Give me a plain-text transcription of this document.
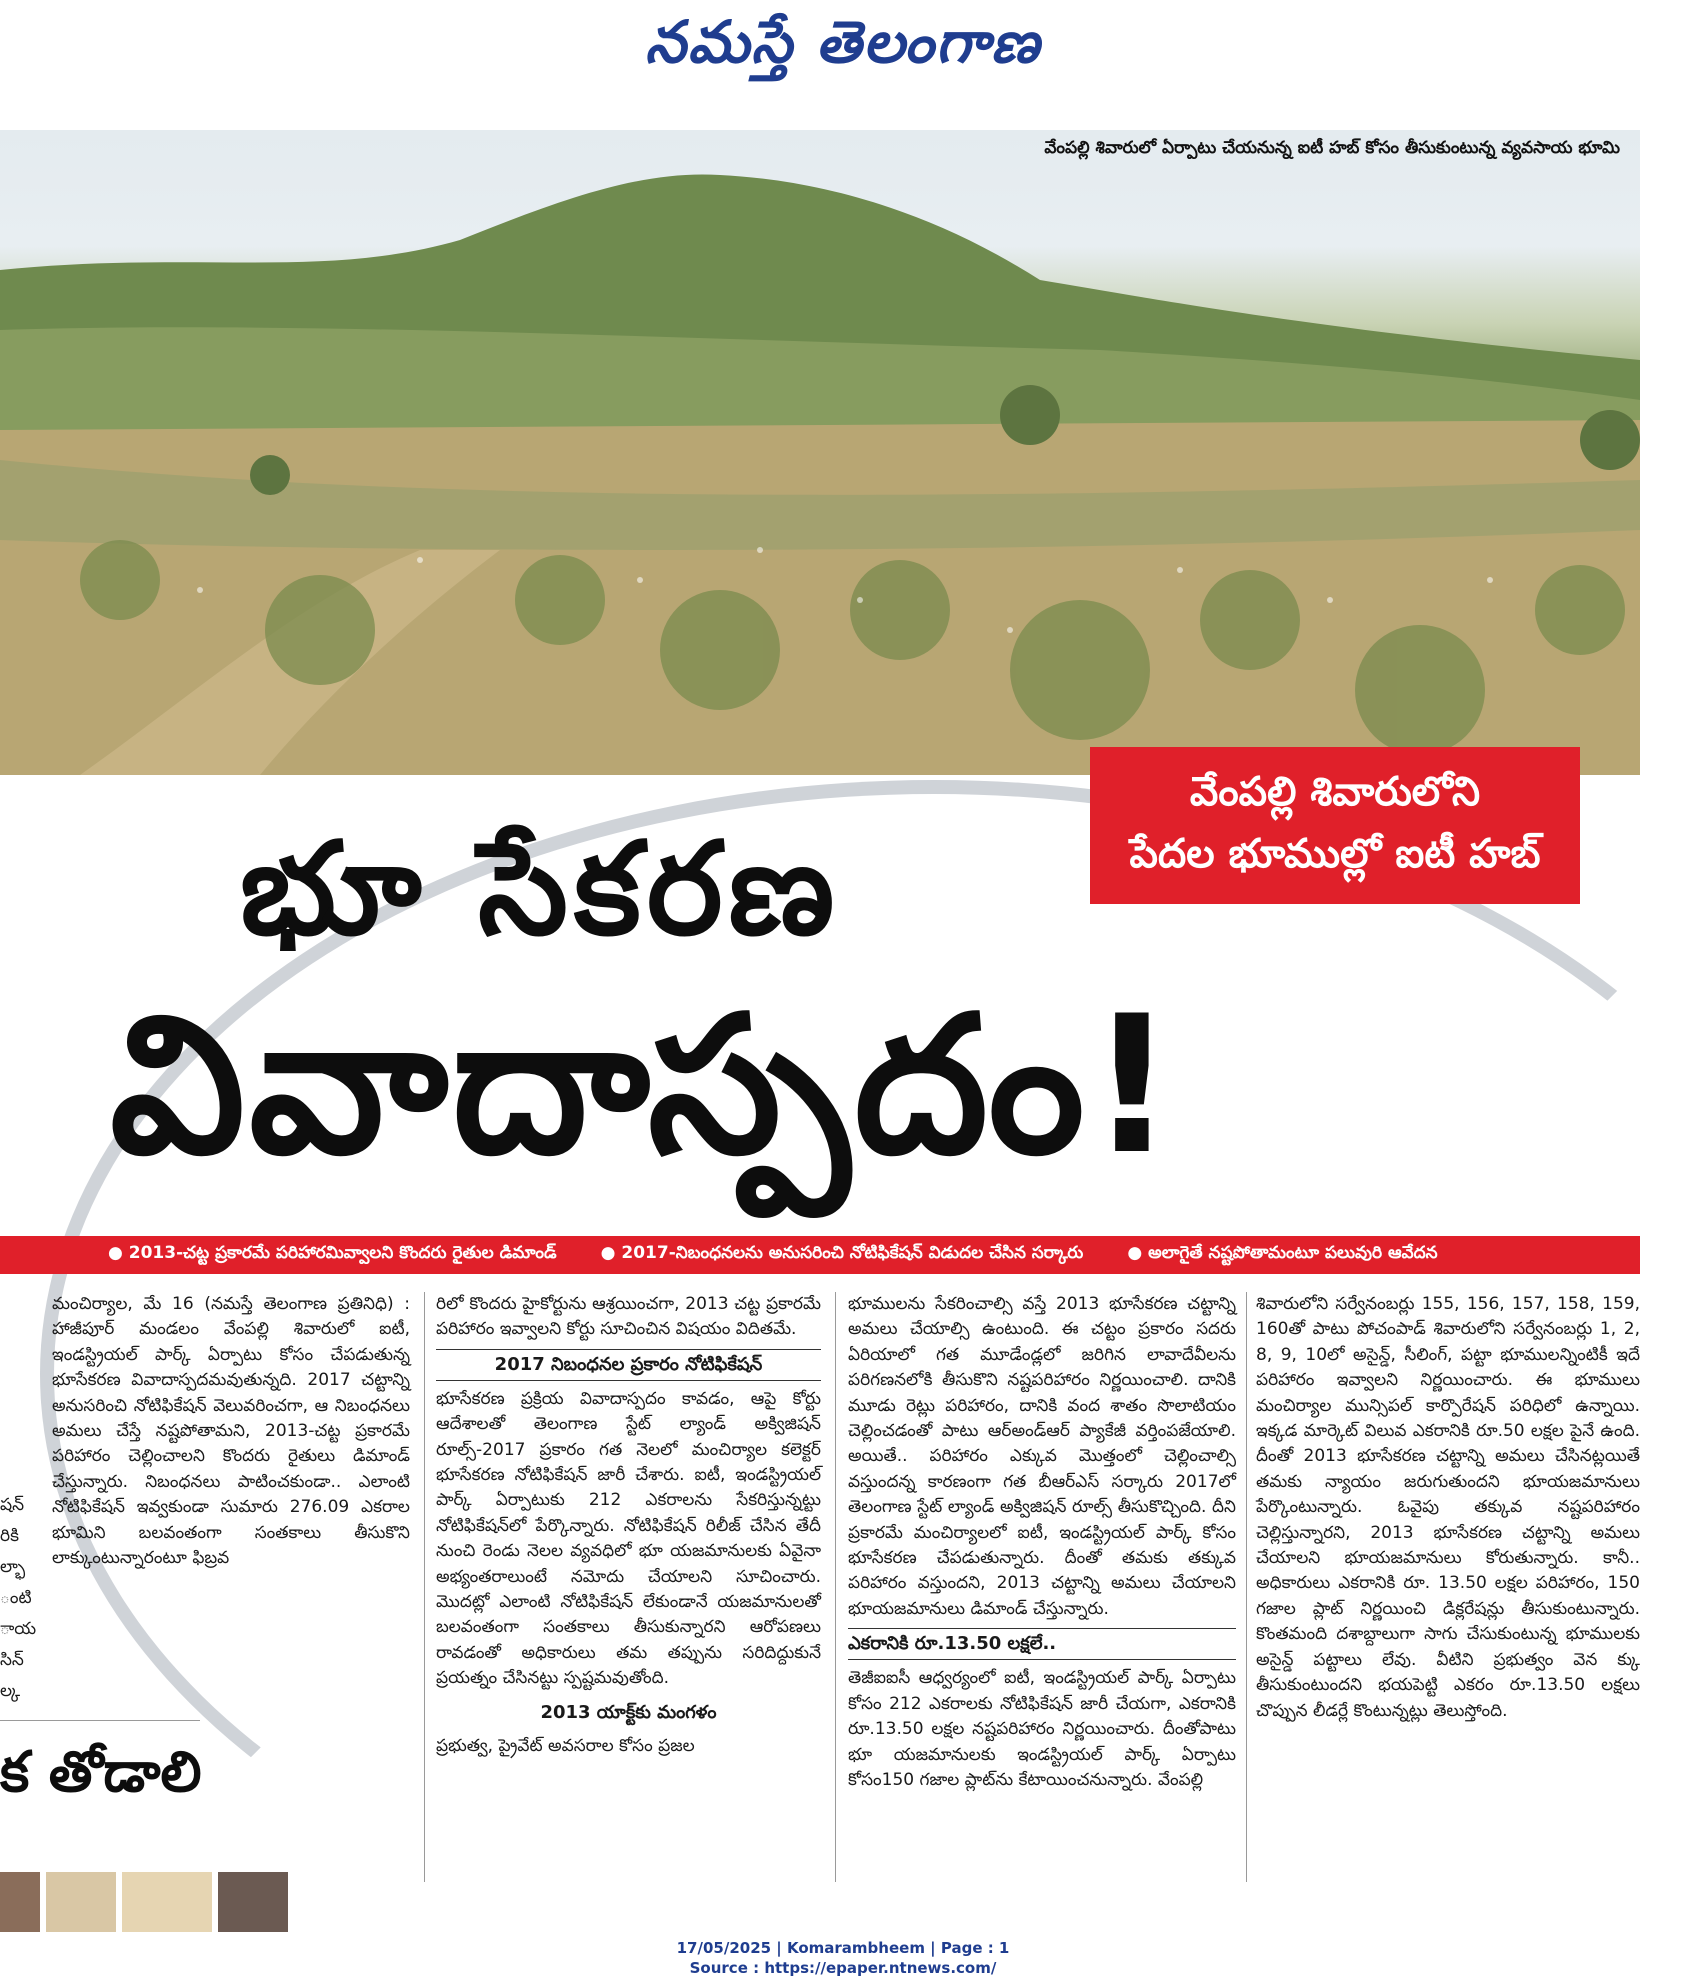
నమస్తే తెలంగాణ
వేంపల్లి శివారులో ఏర్పాటు చేయనున్న ఐటీ హబ్ కోసం తీసుకుంటున్న వ్యవసాయ భూమి
వేంపల్లి శివారులోని
పేదల భూముల్లో ఐటీ హబ్
భూ సేకరణ
వివాదాస్పదం!
● 2013-చట్ట ప్రకారమే పరిహారమివ్వాలని కొందరు రైతుల డిమాండ్	● 2017-నిబంధనలను అనుసరించి నోటిఫికేషన్ విడుదల చేసిన సర్కారు	● అలాగైతే నష్టపోతామంటూ పలువురి ఆవేదన
షన్
రికి
ల్భా
ంటి
ాయ
సిన్
ల్క

మంచిర్యాల, మే 16 (నమస్తే తెలంగాణ ప్రతినిధి) : హాజీపూర్ మండలం వేంపల్లి శివారులో ఐటీ, ఇండస్ట్రియల్ పార్క్ ఏర్పాటు కోసం చేపడుతున్న భూసేకరణ వివాదాస్పదమవుతున్నది. 2017 చట్టాన్ని అనుసరించి నోటిఫికేషన్ వెలువరించగా, ఆ నిబంధనలు అమలు చేస్తే నష్టపోతామని, 2013-చట్ట ప్రకారమే పరిహారం చెల్లించాలని కొందరు రైతులు డిమాండ్ చేస్తున్నారు. నిబంధనలు పాటించకుండా.. ఎలాంటి నోటిఫికేషన్ ఇవ్వకుండా సుమారు 276.09 ఎకరాల భూమిని బలవంతంగా సంతకాలు తీసుకొని లాక్కుంటున్నారంటూ ఫిబ్రవ

రిలో కొందరు హైకోర్టును ఆశ్రయించగా, 2013 చట్ట ప్రకారమే పరిహారం ఇవ్వాలని కోర్టు సూచించిన విషయం విదితమే.

2017 నిబంధనల ప్రకారం నోటిఫికేషన్

భూసేకరణ ప్రక్రియ వివాదాస్పదం కావడం, ఆపై కోర్టు ఆదేశాలతో తెలంగాణ స్టేట్ ల్యాండ్ అక్విజిషన్ రూల్స్-2017 ప్రకారం గత నెలలో మంచిర్యాల కలెక్టర్ భూసేకరణ నోటిఫికేషన్ జారీ చేశారు. ఐటీ, ఇండస్ట్రియల్ పార్క్ ఏర్పాటుకు 212 ఎకరాలను సేకరిస్తున్నట్టు నోటిఫికేషన్‌లో పేర్కొన్నారు. నోటిఫికేషన్ రిలీజ్ చేసిన తేదీ నుంచి రెండు నెలల వ్యవధిలో భూ యజమానులకు ఏవైనా అభ్యంతరాలుంటే నమోదు చేయాలని సూచించారు. మొదట్లో ఎలాంటి నోటిఫికేషన్ లేకుండానే యజమానులతో బలవంతంగా సంతకాలు తీసుకున్నారని ఆరోపణలు రావడంతో అధికారులు తమ తప్పును సరిదిద్దుకునే ప్రయత్నం చేసినట్టు స్పష్టమవుతోంది.

2013 యాక్ట్‌కు మంగళం

ప్రభుత్వ, ప్రైవేట్ అవసరాల కోసం ప్రజల

భూములను సేకరించాల్సి వస్తే 2013 భూసేకరణ చట్టాన్ని అమలు చేయాల్సి ఉంటుంది. ఈ చట్టం ప్రకారం సదరు ఏరియాలో గత మూడేండ్లలో జరిగిన లావాదేవీలను పరిగణనలోకి తీసుకొని నష్టపరిహారం నిర్ణయించాలి. దానికి మూడు రెట్లు పరిహారం, దానికి వంద శాతం సొలాటియం చెల్లించడంతో పాటు ఆర్అండ్ఆర్ ప్యాకేజీ వర్తింపజేయాలి. అయితే.. పరిహారం ఎక్కువ మొత్తంలో చెల్లించాల్సి వస్తుందన్న కారణంగా గత బీఆర్ఎస్ సర్కారు 2017లో తెలంగాణ స్టేట్ ల్యాండ్ అక్విజిషన్ రూల్స్ తీసుకొచ్చింది. దీని ప్రకారమే మంచిర్యాలలో ఐటీ, ఇండస్ట్రియల్ పార్క్ కోసం భూసేకరణ చేపడుతున్నారు. దీంతో తమకు తక్కువ పరిహారం వస్తుందని, 2013 చట్టాన్ని అమలు చేయాలని భూయజమానులు డిమాండ్ చేస్తున్నారు.

ఎకరానికి రూ.13.50 లక్షలే..

తెజీఐఐసీ ఆధ్వర్యంలో ఐటీ, ఇండస్ట్రియల్ పార్క్ ఏర్పాటు కోసం 212 ఎకరాలకు నోటిఫికేషన్ జారీ చేయగా, ఎకరానికి రూ.13.50 లక్షల నష్టపరిహారం నిర్ణయించారు. దీంతోపాటు భూ యజమానులకు ఇండస్ట్రియల్ పార్క్ ఏర్పాటు కోసం150 గజాల ప్లాట్‌ను కేటాయించనున్నారు. వేంపల్లి

శివారులోని సర్వేనంబర్లు 155, 156, 157, 158, 159, 160తో పాటు పోచంపాడ్ శివారులోని సర్వేనంబర్లు 1, 2, 8, 9, 10లో అసైన్డ్, సీలింగ్, పట్టా భూములన్నింటికీ ఇదే పరిహారం ఇవ్వాలని నిర్ణయించారు. ఈ భూములు మంచిర్యాల మున్సిపల్ కార్పొరేషన్ పరిధిలో ఉన్నాయి. ఇక్కడ మార్కెట్ విలువ ఎకరానికి రూ.50 లక్షల పైనే ఉంది. దీంతో 2013 భూసేకరణ చట్టాన్ని అమలు చేసినట్లయితే తమకు న్యాయం జరుగుతుందని భూయజమానులు పేర్కొంటున్నారు. ఓవైపు తక్కువ నష్టపరిహారం చెల్లిస్తున్నారని, 2013 భూసేకరణ చట్టాన్ని అమలు చేయాలని భూయజమానులు కోరుతున్నారు. కానీ.. అధికారులు ఎకరానికి రూ. 13.50 లక్షల పరిహారం, 150 గజాల ప్లాట్ నిర్ణయించి డిక్లరేషన్లు తీసుకుంటున్నారు. కొంతమంది దశాబ్దాలుగా సాగు చేసుకుంటున్న భూములకు అసైన్డ్ పట్టాలు లేవు. వీటిని ప్రభుత్వం వెన క్కు తీసుకుంటుందని భయపెట్టి ఎకరం రూ.13.50 లక్షలు చొప్పున లీడర్లే కొంటున్నట్లు తెలుస్తోంది.

క తోడాలి
17/05/2025 | Komarambheem | Page : 1
Source : https://epaper.ntnews.com/
